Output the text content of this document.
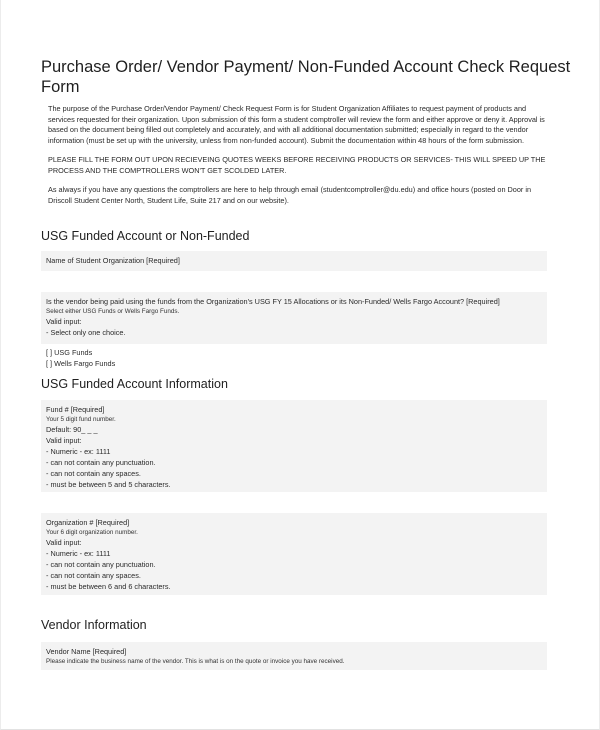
Purchase Order/ Vendor Payment/ Non-Funded Account Check Request Form

The purpose of the Purchase Order/Vendor Payment/ Check Request Form is for Student Organization Affiliates to request payment of products and services requested for their organization. Upon submission of this form a student comptroller will review the form and either approve or deny it. Approval is based on the document being filled out completely and accurately, and with all additional documentation submitted; especially in regard to the vendor information (must be set up with the university, unless from non-funded account). Submit the documentation within 48 hours of the form submission.

PLEASE FILL THE FORM OUT UPON RECIEVEING QUOTES WEEKS BEFORE RECEIVING PRODUCTS OR SERVICES- THIS WILL SPEED UP THE PROCESS AND THE COMPTROLLERS WON'T GET SCOLDED LATER.

As always if you have any questions the comptrollers are here to help through email (studentcomptroller@du.edu) and office hours (posted on Door in Driscoll Student Center North, Student Life, Suite 217 and on our website).

USG Funded Account or Non-Funded
Name of Student Organization [Required]
Is the vendor being paid using the funds from the Organization's USG FY 15 Allocations or its Non-Funded/ Wells Fargo Account? [Required]
Select either USG Funds or Wells Fargo Funds.
Valid input:
- Select only one choice.
[ ] USG Funds
[ ] Wells Fargo Funds
USG Funded Account Information
Fund # [Required]
Your 5 digit fund number.
Default: 90_ _ _
Valid input:
- Numeric - ex: 1111
- can not contain any punctuation.
- can not contain any spaces.
- must be between 5 and 5 characters.
Organization # [Required]
Your 6 digit organization number.
Valid input:
- Numeric - ex: 1111
- can not contain any punctuation.
- can not contain any spaces.
- must be between 6 and 6 characters.
Vendor Information
Vendor Name [Required]
Please indicate the business name of the vendor. This is what is on the quote or invoice you have received.
